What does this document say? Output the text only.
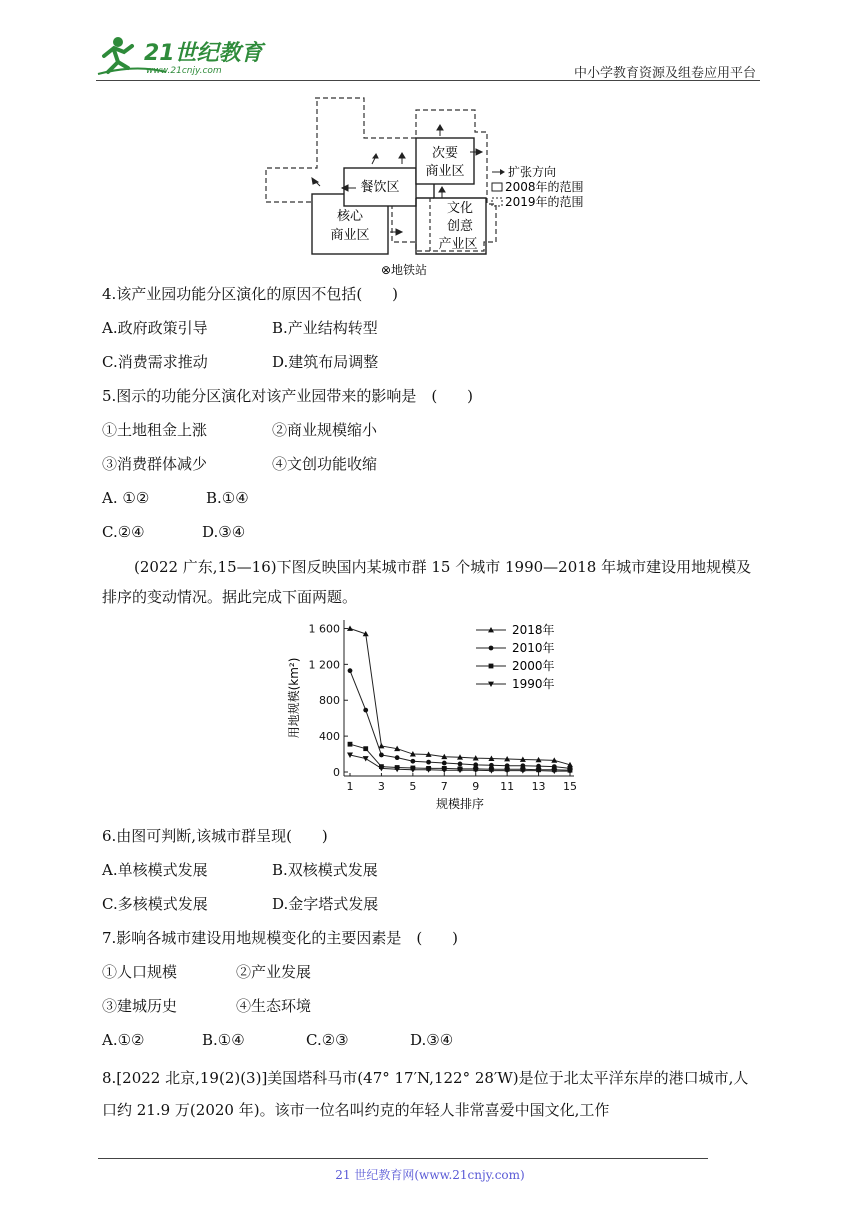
21世纪教育
www.21cnjy.com	中小学教育资源及组卷应用平台
核心
商业区
餐饮区
次要
商业区
文化
创意
产业区
扩张方向
2008年的范围
2019年的范围
⊗地铁站
4.该产业园功能分区演化的原因不包括(　　)
A.政府政策引导	B.产业结构转型
C.消费需求推动	D.建筑布局调整
5.图示的功能分区演化对该产业园带来的影响是　(　　)
①土地租金上涨	②商业规模缩小
③消费群体减少	④文创功能收缩
A. ①②	B.①④
C.②④	D.③④
(2022 广东,15—16)下图反映国内某城市群 15 个城市 1990—2018 年城市建设用地规模及排序的变动情况。据此完成下面两题。
0
400
800
1 200
1 600
1 3 5 7 9 11 13 15
规模排序
用地规模(km²)
2018年
2010年
2000年
1990年
6.由图可判断,该城市群呈现(　　)
A.单核模式发展	B.双核模式发展
C.多核模式发展	D.金字塔式发展
7.影响各城市建设用地规模变化的主要因素是　(　　)
①人口规模	②产业发展
③建城历史	④生态环境
A.①②	B.①④	C.②③	D.③④
8.[2022 北京,19(2)(3)]美国塔科马市(47° 17′N,122° 28′W)是位于北太平洋东岸的港口城市,人口约 21.9 万(2020 年)。该市一位名叫约克的年轻人非常喜爱中国文化,工作
21 世纪教育网(www.21cnjy.com)
